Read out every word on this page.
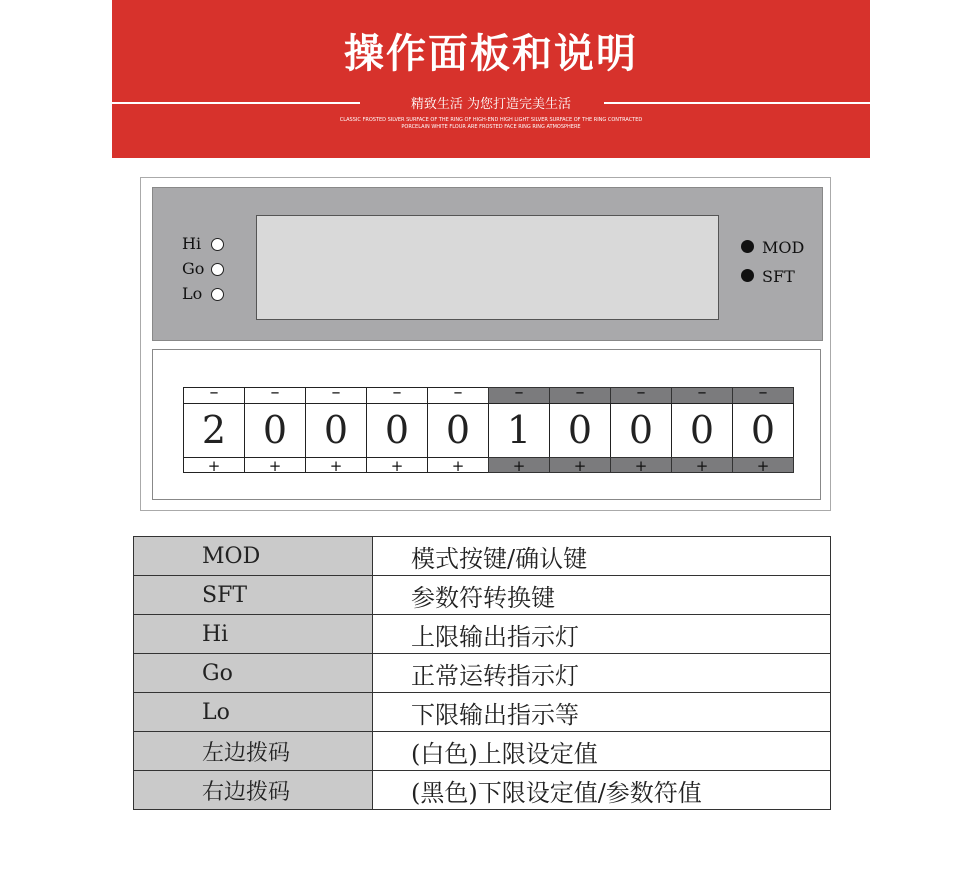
操作面板和说明
精致生活 为您打造完美生活
CLASSIC FROSTED SILVER SURFACE OF THE RING OF HIGH-END HIGH LIGHT SILVER SURFACE OF THE RING CONTRACTED
PORCELAIN WHITE FLOUR ARE FROSTED FACE RING RING ATMOSPHERE
Hi
Go
Lo
MOD
SFT
–
2
+
–
0
+
–
0
+
–
0
+
–
0
+
–
1
+
–
0
+
–
0
+
–
0
+
–
0
+
MOD	模式按键/确认键
SFT	参数符转换键
Hi	上限输出指示灯
Go	正常运转指示灯
Lo	下限输出指示等
左边拨码	(白色)上限设定值
右边拨码	(黑色)下限设定值/参数符值
